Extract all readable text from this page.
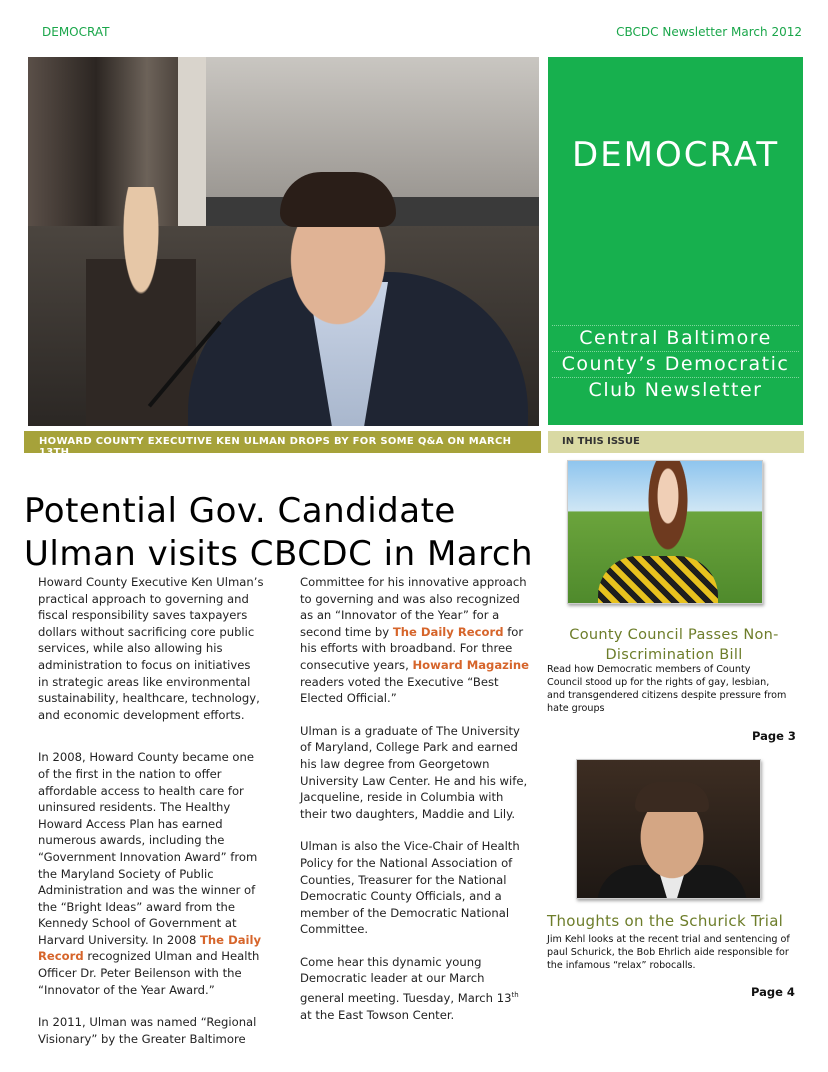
DEMOCRAT	CBCDC Newsletter March 2012
DEMOCRAT
Central Baltimore
County’s Democratic
Club Newsletter
HOWARD COUNTY EXECUTIVE KEN ULMAN DROPS BY FOR SOME Q&A ON MARCH 13TH
IN THIS ISSUE
Potential Gov. Candidate
Ulman visits CBCDC in March

Howard County Executive Ken Ulman’s practical approach to governing and fiscal responsibility saves taxpayers dollars without sacrificing core public services, while also allowing his administration to focus on initiatives in strategic areas like environmental sustainability, healthcare, technology, and economic development efforts.

In 2008, Howard County became one of the first in the nation to offer affordable access to health care for uninsured residents. The Healthy Howard Access Plan has earned numerous awards, including the “Government Innovation Award” from the Maryland Society of Public Administration and was the winner of the “Bright Ideas” award from the Kennedy School of Government at Harvard University. In 2008 The Daily Record recognized Ulman and Health Officer Dr. Peter Beilenson with the “Innovator of the Year Award.”

In 2011, Ulman was named “Regional Visionary” by the Greater Baltimore

Committee for his innovative approach to governing and was also recognized as an “Innovator of the Year” for a second time by The Daily Record for his efforts with broadband. For three consecutive years, Howard Magazine readers voted the Executive “Best Elected Official.”

Ulman is a graduate of The University of Maryland, College Park and earned his law degree from Georgetown University Law Center. He and his wife, Jacqueline, reside in Columbia with their two daughters, Maddie and Lily.

Ulman is also the Vice-Chair of Health Policy for the National Association of Counties, Treasurer for the National Democratic County Officials, and a member of the Democratic National Committee.

Come hear this dynamic young Democratic leader at our March general meeting. Tuesday, March 13th at the East Towson Center.

County Council Passes Non-
Discrimination Bill
Read how Democratic members of County Council stood up for the rights of gay, lesbian, and transgendered citizens despite pressure from hate groups
Page 3
Thoughts on the Schurick Trial
Jim Kehl looks at the recent trial and sentencing of paul Schurick, the Bob Ehrlich aide responsible for the infamous “relax” robocalls.
Page 4
